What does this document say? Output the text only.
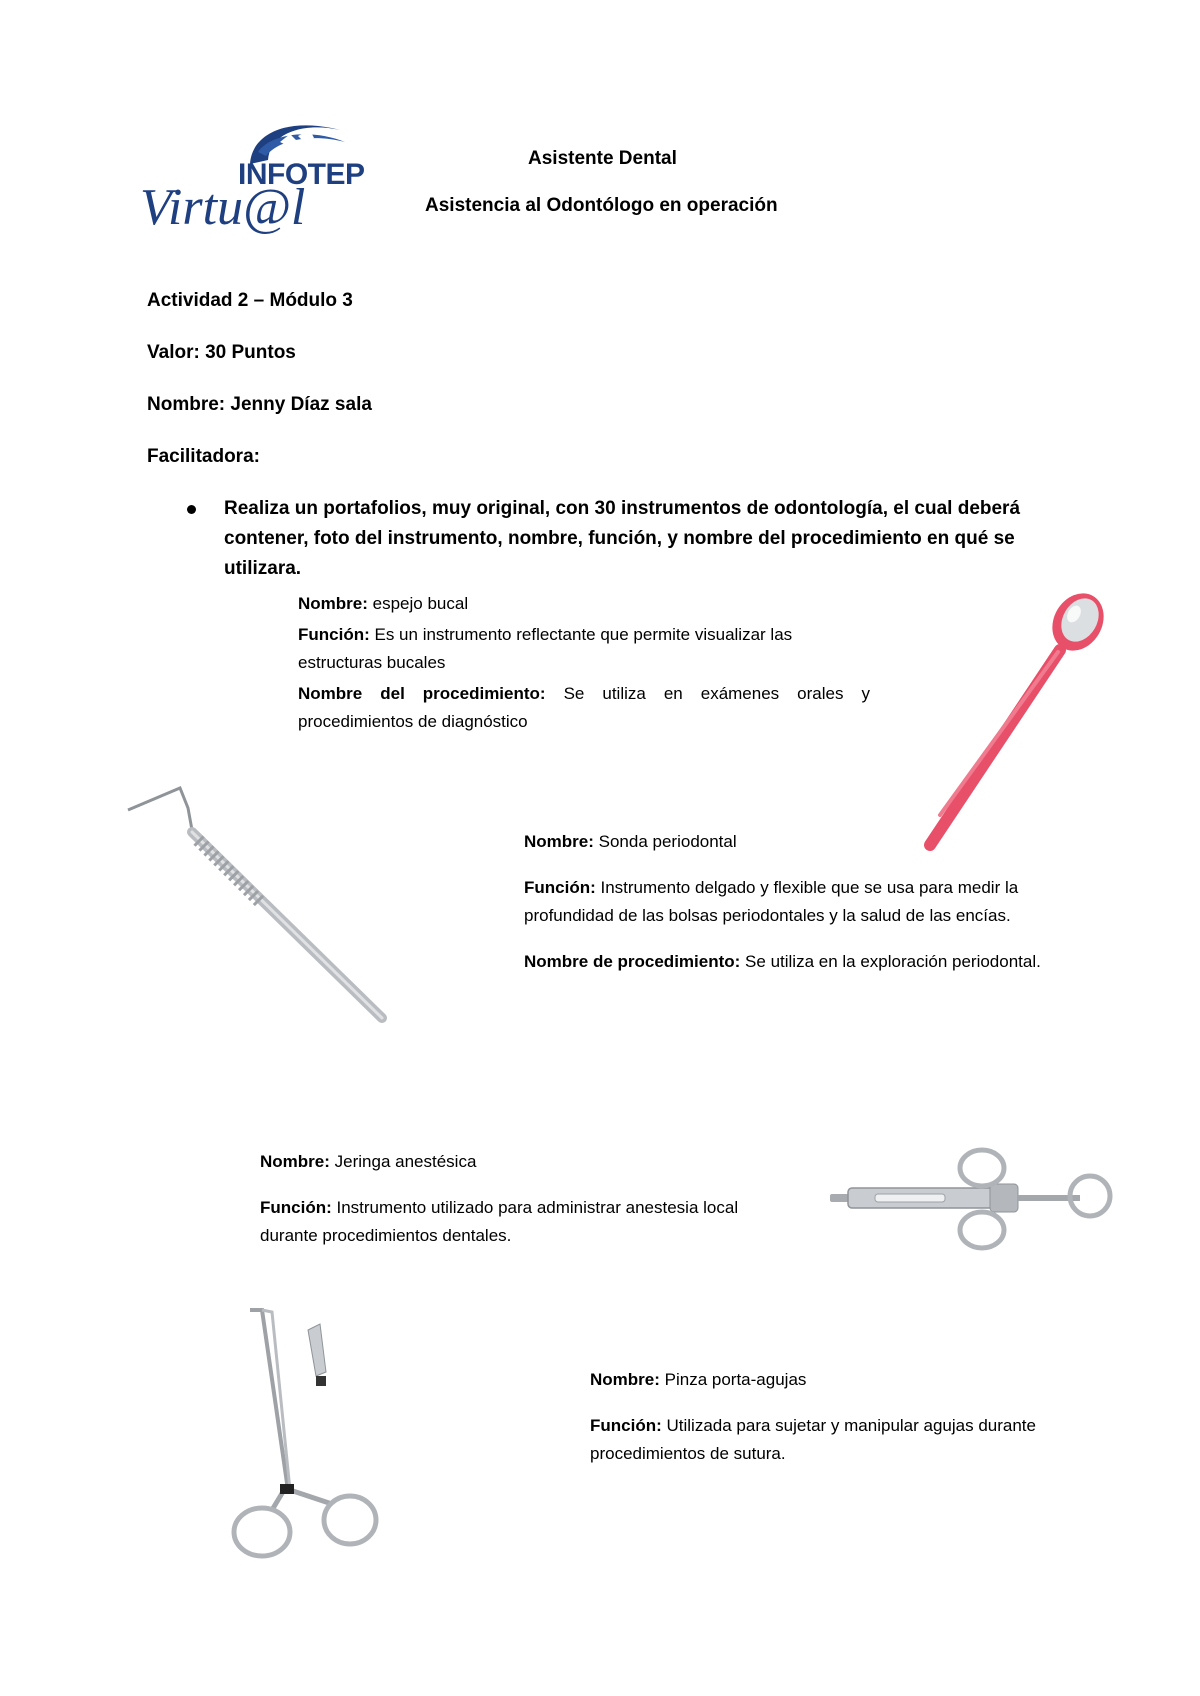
INFOTEP
Virtu@l
Asistente Dental
Asistencia al Odontólogo en operación
Actividad 2 – Módulo 3
Valor: 30 Puntos
Nombre: Jenny Díaz sala
Facilitadora:
Realiza un portafolios, muy original, con 30 instrumentos de odontología, el cual deberá contener, foto del instrumento, nombre, función, y nombre del procedimiento en qué se utilizara.
Nombre: espejo bucal
Función: Es un instrumento reflectante que permite visualizar las estructuras bucales
Nombre del procedimiento: Se utiliza en exámenes orales y procedimientos de diagnóstico
Nombre: Sonda periodontal
Función: Instrumento delgado y flexible que se usa para medir la profundidad de las bolsas periodontales y la salud de las encías.
Nombre de procedimiento: Se utiliza en la exploración periodontal.
Nombre: Jeringa anestésica
Función: Instrumento utilizado para administrar anestesia local durante procedimientos dentales.
Nombre: Pinza porta-agujas
Función: Utilizada para sujetar y manipular agujas durante procedimientos de sutura.
